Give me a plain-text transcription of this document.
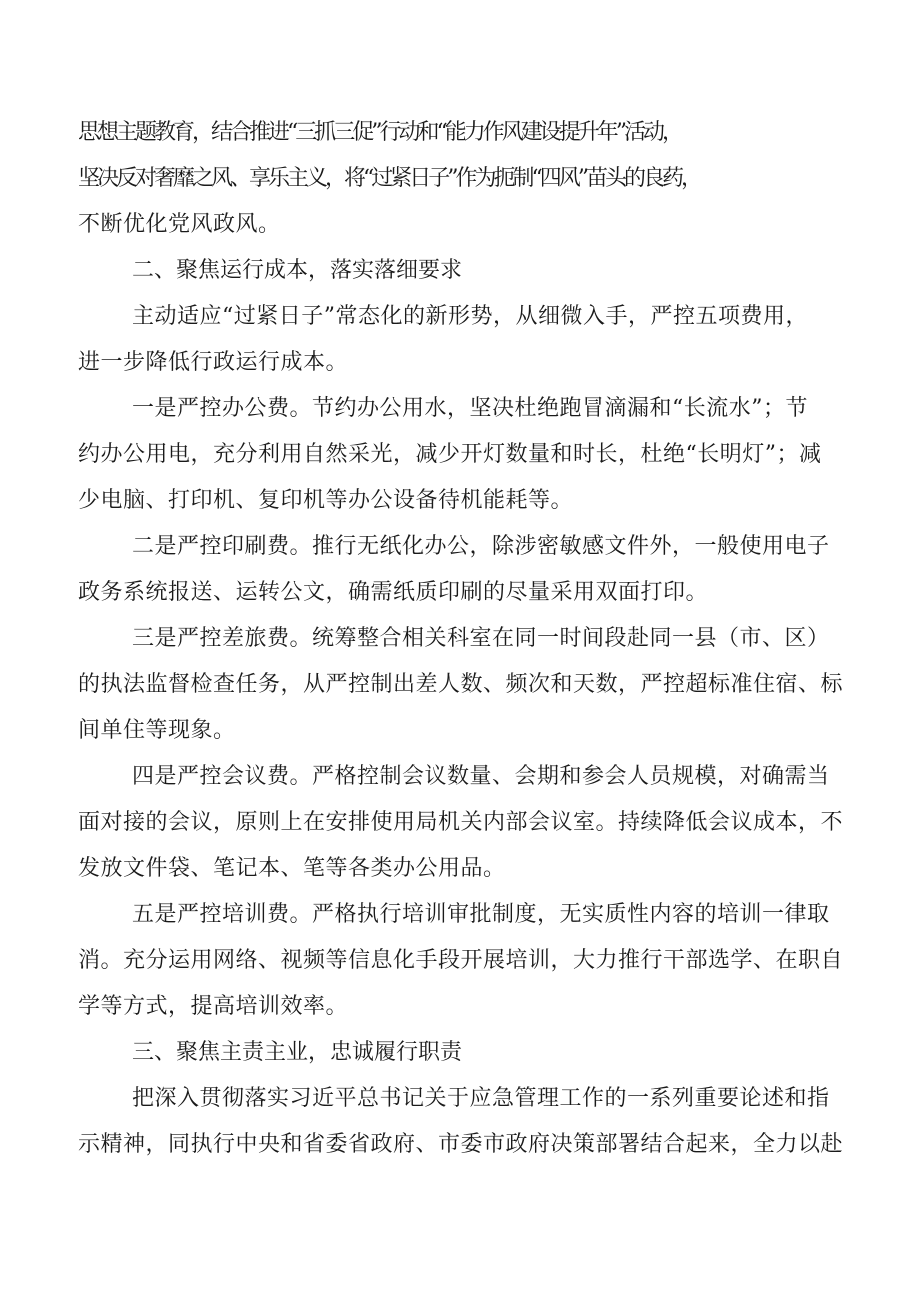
思想主题教育，结合推进“三抓三促”行动和“能力作风建设提升年”活动，
坚决反对奢靡之风、享乐主义，将“过紧日子”作为扼制“四风”苗头的良药，
不断优化党风政风。
二、聚焦运行成本，落实落细要求
主动适应“过紧日子”常态化的新形势，从细微入手，严控五项费用，
进一步降低行政运行成本。
一是严控办公费。节约办公用水，坚决杜绝跑冒滴漏和“长流水”；节
约办公用电，充分利用自然采光，减少开灯数量和时长，杜绝“长明灯”；减
少电脑、打印机、复印机等办公设备待机能耗等。
二是严控印刷费。推行无纸化办公，除涉密敏感文件外，一般使用电子
政务系统报送、运转公文，确需纸质印刷的尽量采用双面打印。
三是严控差旅费。统筹整合相关科室在同一时间段赴同一县（市、区）
的执法监督检查任务，从严控制出差人数、频次和天数，严控超标准住宿、标
间单住等现象。
四是严控会议费。严格控制会议数量、会期和参会人员规模，对确需当
面对接的会议，原则上在安排使用局机关内部会议室。持续降低会议成本，不
发放文件袋、笔记本、笔等各类办公用品。
五是严控培训费。严格执行培训审批制度，无实质性内容的培训一律取
消。充分运用网络、视频等信息化手段开展培训，大力推行干部选学、在职自
学等方式，提高培训效率。
三、聚焦主责主业，忠诚履行职责
把深入贯彻落实习近平总书记关于应急管理工作的一系列重要论述和指
示精神，同执行中央和省委省政府、市委市政府决策部署结合起来，全力以赴
